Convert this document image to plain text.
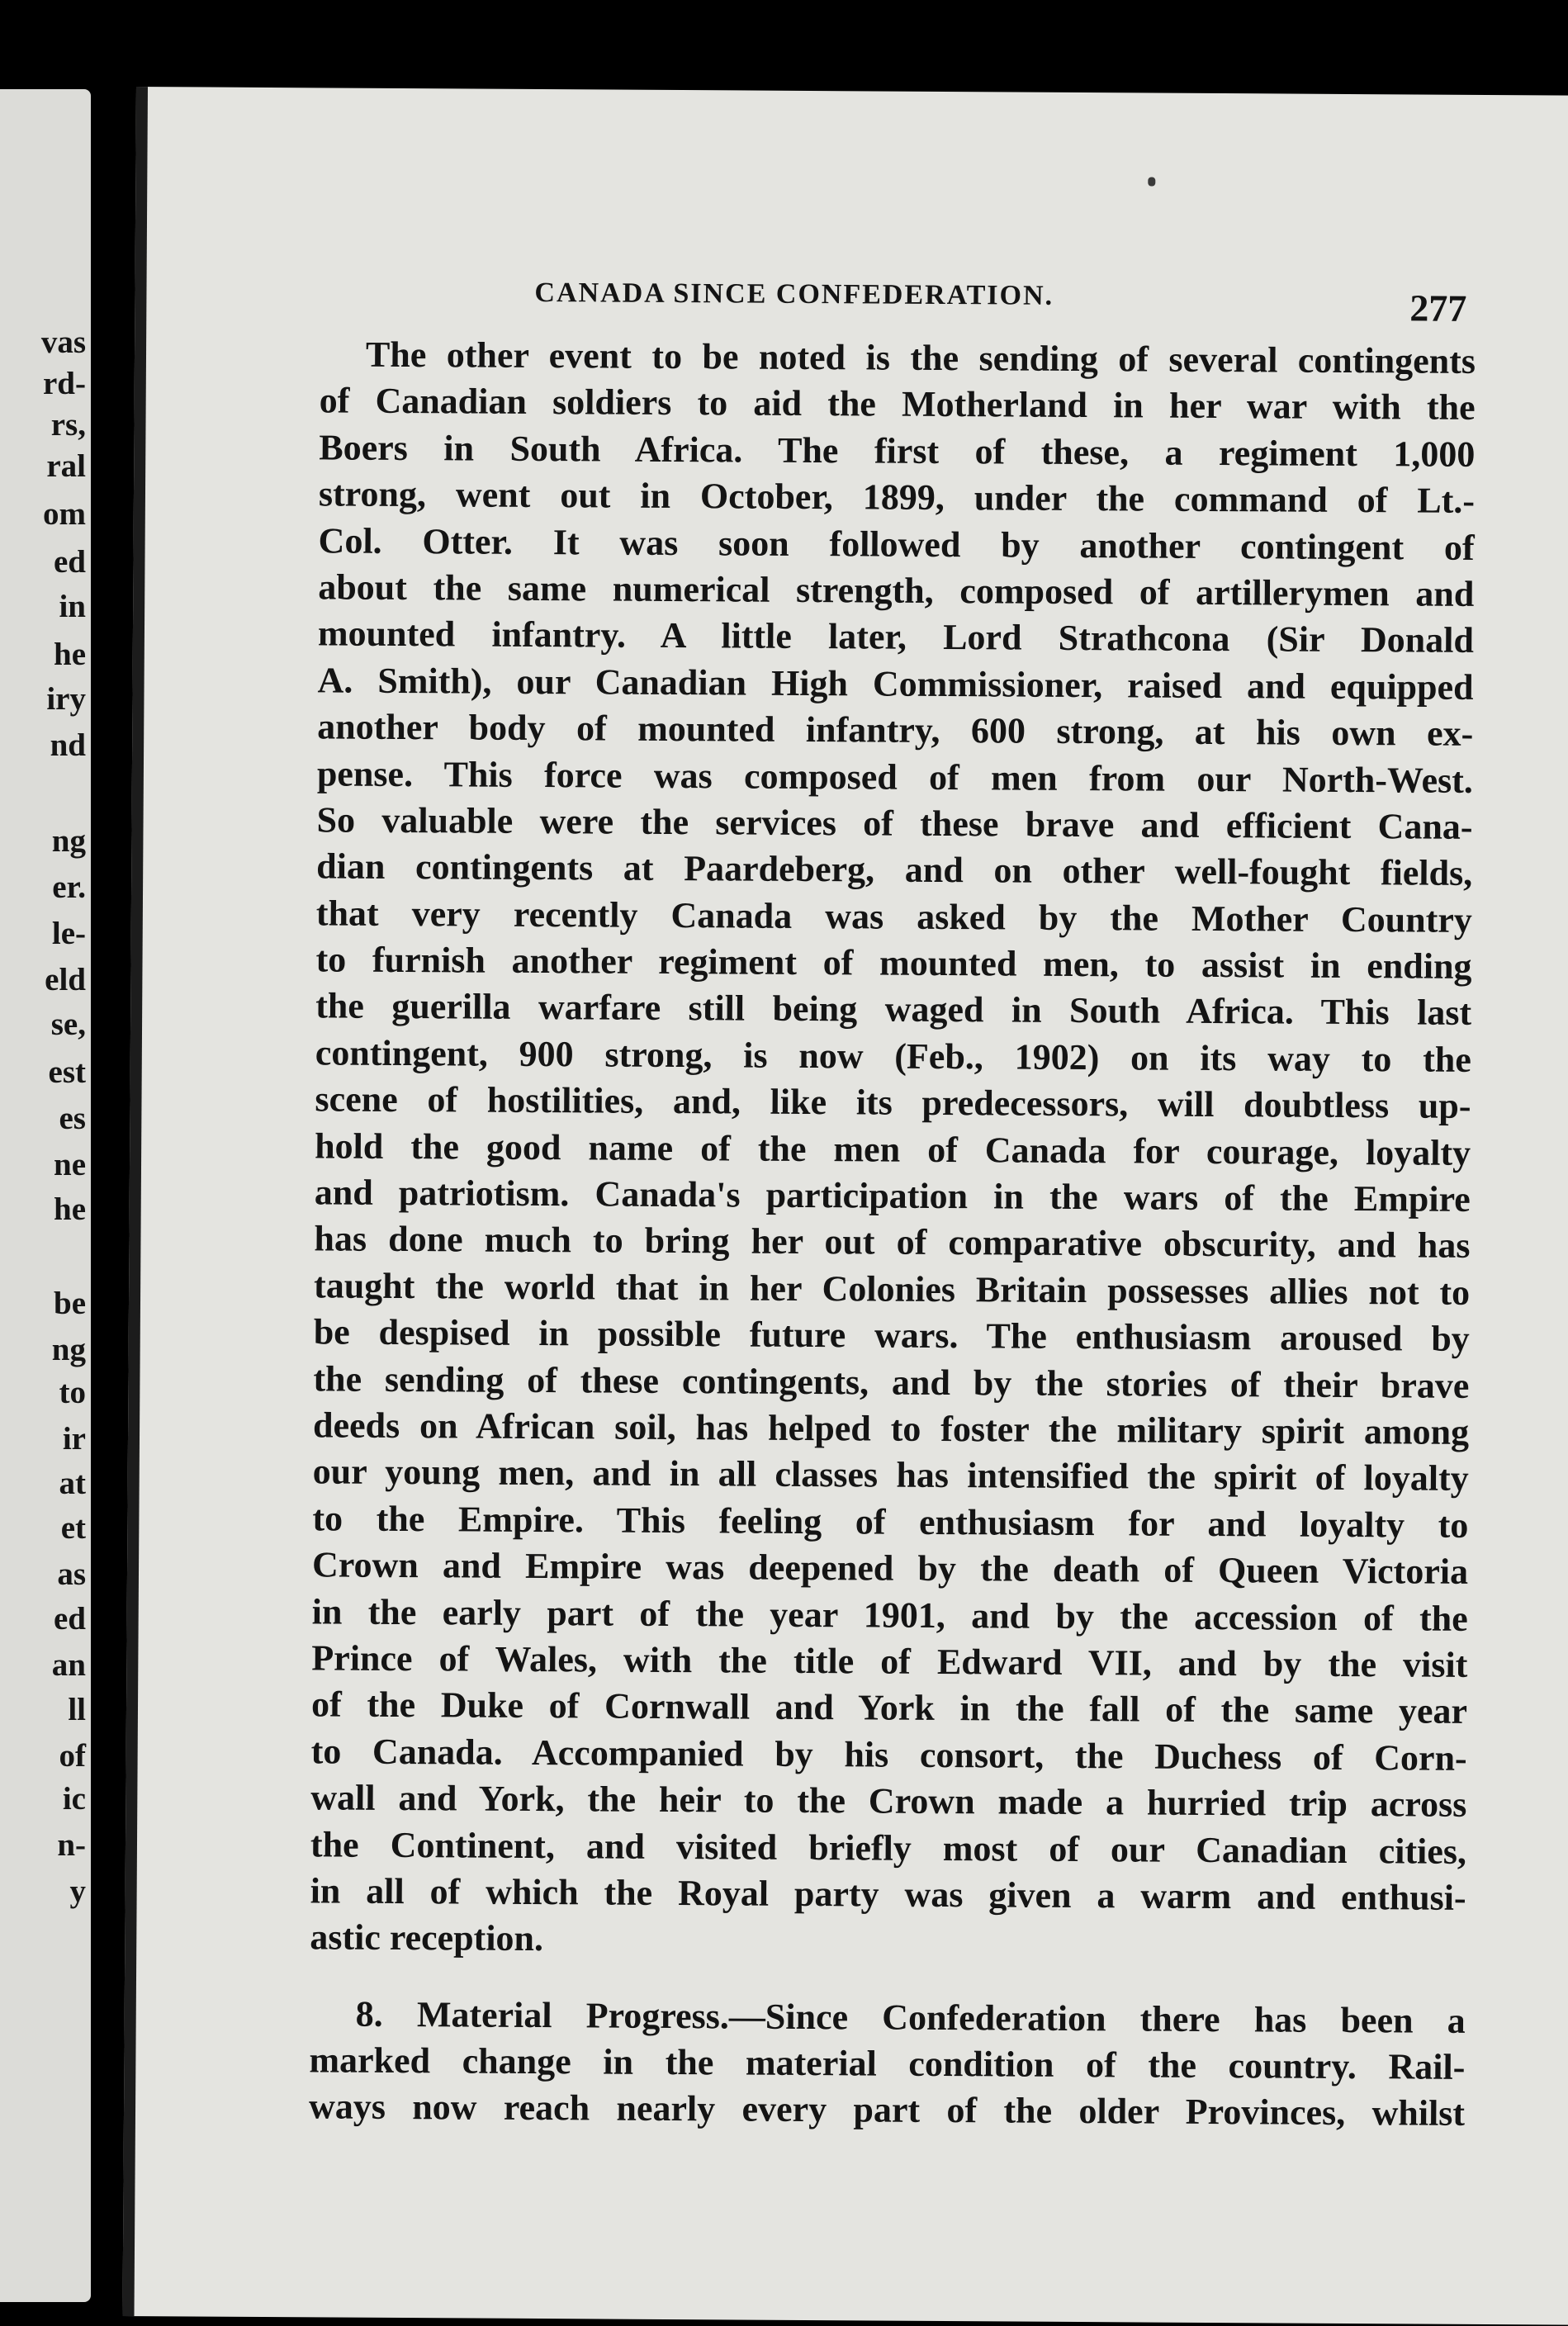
vas
rd-
rs,
ral
om
ed
in
he
iry
nd
ng
er.
le-
eld
se,
est
es
ne
he
be
ng
to
ir
at
et
as
ed
an
ll
of
ic
n-
y
CANADA SINCE CONFEDERATION.	277
The other event to be noted is the sending of several contingents
of Canadian soldiers to aid the Motherland in her war with the
Boers in South Africa. The first of these, a regiment 1,000
strong, went out in October, 1899, under the command of Lt.-
Col. Otter. It was soon followed by another contingent of
about the same numerical strength, composed of artillerymen and
mounted infantry. A little later, Lord Strathcona (Sir Donald
A. Smith), our Canadian High Commissioner, raised and equipped
another body of mounted infantry, 600 strong, at his own ex-
pense. This force was composed of men from our North-West.
So valuable were the services of these brave and efficient Cana-
dian contingents at Paardeberg, and on other well-fought fields,
that very recently Canada was asked by the Mother Country
to furnish another regiment of mounted men, to assist in ending
the guerilla warfare still being waged in South Africa. This last
contingent, 900 strong, is now (Feb., 1902) on its way to the
scene of hostilities, and, like its predecessors, will doubtless up-
hold the good name of the men of Canada for courage, loyalty
and patriotism. Canada's participation in the wars of the Empire
has done much to bring her out of comparative obscurity, and has
taught the world that in her Colonies Britain possesses allies not to
be despised in possible future wars. The enthusiasm aroused by
the sending of these contingents, and by the stories of their brave
deeds on African soil, has helped to foster the military spirit among
our young men, and in all classes has intensified the spirit of loyalty
to the Empire. This feeling of enthusiasm for and loyalty to
Crown and Empire was deepened by the death of Queen Victoria
in the early part of the year 1901, and by the accession of the
Prince of Wales, with the title of Edward VII, and by the visit
of the Duke of Cornwall and York in the fall of the same year
to Canada. Accompanied by his consort, the Duchess of Corn-
wall and York, the heir to the Crown made a hurried trip across
the Continent, and visited briefly most of our Canadian cities,
in all of which the Royal party was given a warm and enthusi-
astic reception.
8. Material Progress.—Since Confederation there has been a
marked change in the material condition of the country. Rail-
ways now reach nearly every part of the older Provinces, whilst
